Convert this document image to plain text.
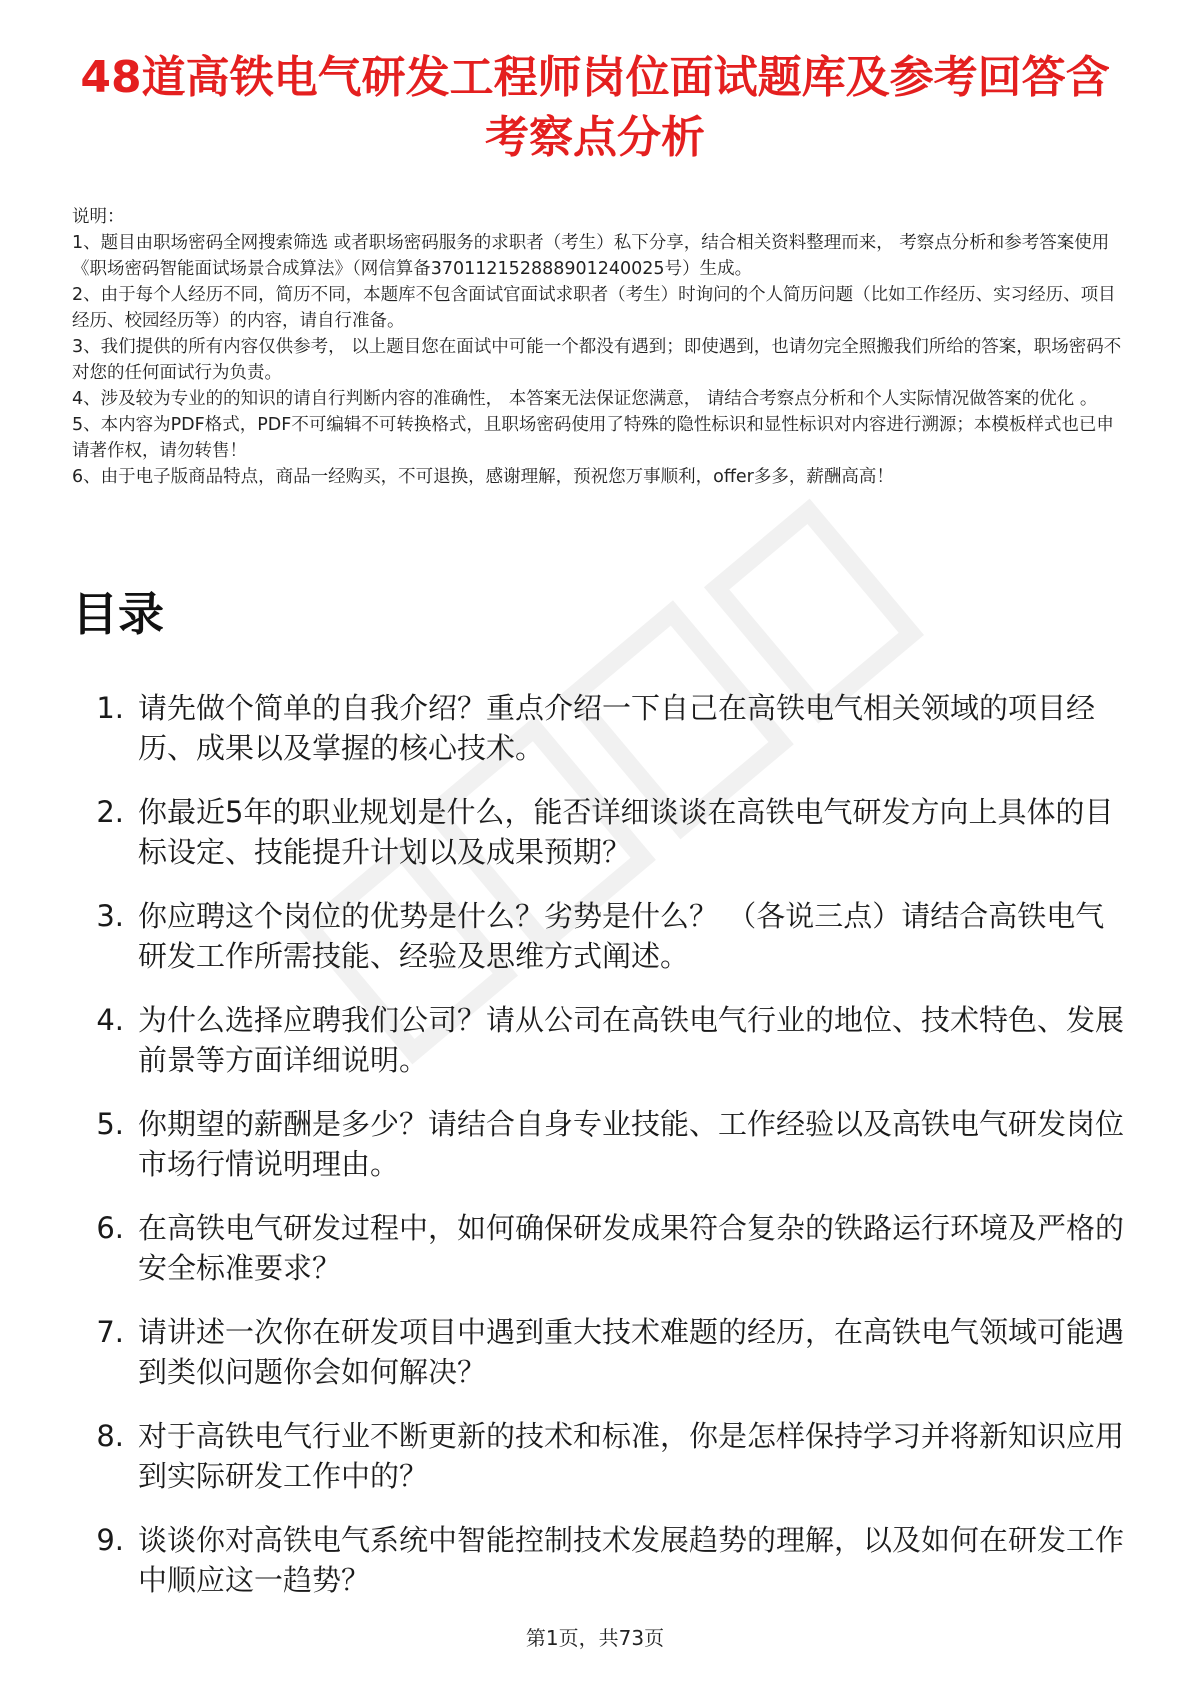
48道高铁电气研发工程师岗位面试题库及参考回答含考察点分析

说明：

1、题目由职场密码全网搜索筛选 或者职场密码服务的求职者（考生）私下分享，结合相关资料整理而来， 考察点分析和参考答案使用《职场密码智能面试场景合成算法》（网信算备370112152888901240025号）生成。

2、由于每个人经历不同，简历不同，本题库不包含面试官面试求职者（考生）时询问的个人简历问题（比如工作经历、实习经历、项目经历、校园经历等）的内容，请自行准备。

3、我们提供的所有内容仅供参考， 以上题目您在面试中可能一个都没有遇到；即使遇到，也请勿完全照搬我们所给的答案，职场密码不对您的任何面试行为负责。

4、涉及较为专业的的知识的请自行判断内容的准确性， 本答案无法保证您满意， 请结合考察点分析和个人实际情况做答案的优化 。

5、本内容为PDF格式，PDF不可编辑不可转换格式，且职场密码使用了特殊的隐性标识和显性标识对内容进行溯源；本模板样式也已申请著作权，请勿转售！

6、由于电子版商品特点，商品一经购买，不可退换，感谢理解，预祝您万事顺利，offer多多，薪酬高高！

目录
1. 请先做个简单的自我介绍？重点介绍一下自己在高铁电气相关领域的项目经历、成果以及掌握的核心技术。
2. 你最近5年的职业规划是什么，能否详细谈谈在高铁电气研发方向上具体的目标设定、技能提升计划以及成果预期？
3. 你应聘这个岗位的优势是什么？劣势是什么？ （各说三点）请结合高铁电气研发工作所需技能、经验及思维方式阐述。
4. 为什么选择应聘我们公司？请从公司在高铁电气行业的地位、技术特色、发展前景等方面详细说明。
5. 你期望的薪酬是多少？请结合自身专业技能、工作经验以及高铁电气研发岗位市场行情说明理由。
6. 在高铁电气研发过程中，如何确保研发成果符合复杂的铁路运行环境及严格的安全标准要求？
7. 请讲述一次你在研发项目中遇到重大技术难题的经历，在高铁电气领域可能遇到类似问题你会如何解决？
8. 对于高铁电气行业不断更新的技术和标准，你是怎样保持学习并将新知识应用到实际研发工作中的？
9. 谈谈你对高铁电气系统中智能控制技术发展趋势的理解，以及如何在研发工作中顺应这一趋势？
第1页，共73页
